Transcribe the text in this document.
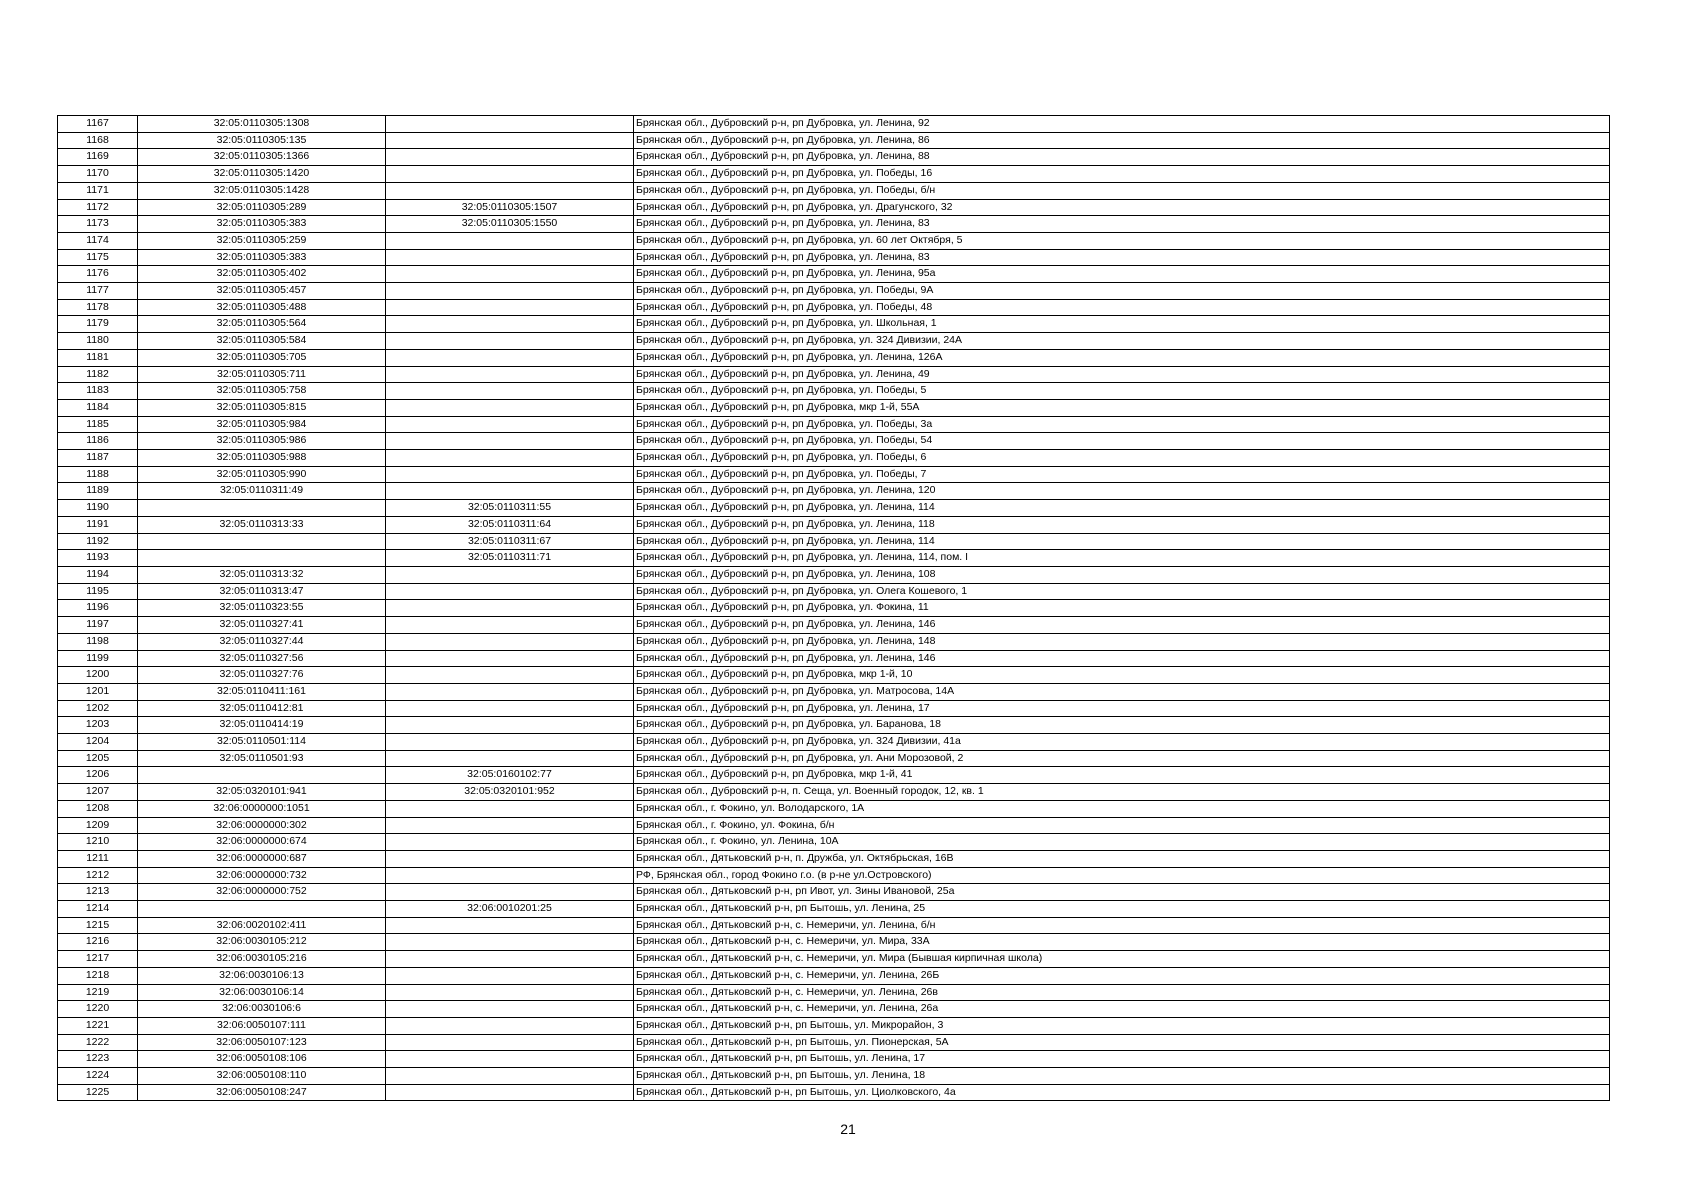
1167	32:05:0110305:1308		Брянская обл., Дубровский р-н, рп Дубровка, ул. Ленина, 92
1168	32:05:0110305:135		Брянская обл., Дубровский р-н, рп Дубровка, ул. Ленина, 86
1169	32:05:0110305:1366		Брянская обл., Дубровский р-н, рп Дубровка, ул. Ленина, 88
1170	32:05:0110305:1420		Брянская обл., Дубровский р-н, рп Дубровка, ул. Победы, 16
1171	32:05:0110305:1428		Брянская обл., Дубровский р-н, рп Дубровка, ул. Победы, б/н
1172	32:05:0110305:289	32:05:0110305:1507	Брянская обл., Дубровский р-н, рп Дубровка, ул. Драгунского, 32
1173	32:05:0110305:383	32:05:0110305:1550	Брянская обл., Дубровский р-н, рп Дубровка, ул. Ленина, 83
1174	32:05:0110305:259		Брянская обл., Дубровский р-н, рп Дубровка, ул. 60 лет Октября, 5
1175	32:05:0110305:383		Брянская обл., Дубровский р-н, рп Дубровка, ул. Ленина, 83
1176	32:05:0110305:402		Брянская обл., Дубровский р-н, рп Дубровка, ул. Ленина, 95а
1177	32:05:0110305:457		Брянская обл., Дубровский р-н, рп Дубровка, ул. Победы, 9А
1178	32:05:0110305:488		Брянская обл., Дубровский р-н, рп Дубровка, ул. Победы, 48
1179	32:05:0110305:564		Брянская обл., Дубровский р-н, рп Дубровка, ул. Школьная, 1
1180	32:05:0110305:584		Брянская обл., Дубровский р-н, рп Дубровка, ул. 324 Дивизии, 24А
1181	32:05:0110305:705		Брянская обл., Дубровский р-н, рп Дубровка, ул. Ленина, 126А
1182	32:05:0110305:711		Брянская обл., Дубровский р-н, рп Дубровка, ул. Ленина, 49
1183	32:05:0110305:758		Брянская обл., Дубровский р-н, рп Дубровка, ул. Победы, 5
1184	32:05:0110305:815		Брянская обл., Дубровский р-н, рп Дубровка, мкр 1-й, 55А
1185	32:05:0110305:984		Брянская обл., Дубровский р-н, рп Дубровка, ул. Победы, 3а
1186	32:05:0110305:986		Брянская обл., Дубровский р-н, рп Дубровка, ул. Победы, 54
1187	32:05:0110305:988		Брянская обл., Дубровский р-н, рп Дубровка, ул. Победы, 6
1188	32:05:0110305:990		Брянская обл., Дубровский р-н, рп Дубровка, ул. Победы, 7
1189	32:05:0110311:49		Брянская обл., Дубровский р-н, рп Дубровка, ул. Ленина, 120
1190		32:05:0110311:55	Брянская обл., Дубровский р-н, рп Дубровка, ул. Ленина, 114
1191	32:05:0110313:33	32:05:0110311:64	Брянская обл., Дубровский р-н, рп Дубровка, ул. Ленина, 118
1192		32:05:0110311:67	Брянская обл., Дубровский р-н, рп Дубровка, ул. Ленина, 114
1193		32:05:0110311:71	Брянская обл., Дубровский р-н, рп Дубровка, ул. Ленина, 114, пом. I
1194	32:05:0110313:32		Брянская обл., Дубровский р-н, рп Дубровка, ул. Ленина, 108
1195	32:05:0110313:47		Брянская обл., Дубровский р-н, рп Дубровка, ул. Олега Кошевого, 1
1196	32:05:0110323:55		Брянская обл., Дубровский р-н, рп Дубровка, ул. Фокина, 11
1197	32:05:0110327:41		Брянская обл., Дубровский р-н, рп Дубровка, ул. Ленина, 146
1198	32:05:0110327:44		Брянская обл., Дубровский р-н, рп Дубровка, ул. Ленина, 148
1199	32:05:0110327:56		Брянская обл., Дубровский р-н, рп Дубровка, ул. Ленина, 146
1200	32:05:0110327:76		Брянская обл., Дубровский р-н, рп Дубровка, мкр 1-й, 10
1201	32:05:0110411:161		Брянская обл., Дубровский р-н, рп Дубровка, ул. Матросова, 14А
1202	32:05:0110412:81		Брянская обл., Дубровский р-н, рп Дубровка, ул. Ленина, 17
1203	32:05:0110414:19		Брянская обл., Дубровский р-н, рп Дубровка, ул. Баранова, 18
1204	32:05:0110501:114		Брянская обл., Дубровский р-н, рп Дубровка, ул. 324 Дивизии, 41а
1205	32:05:0110501:93		Брянская обл., Дубровский р-н, рп Дубровка, ул. Ани Морозовой, 2
1206		32:05:0160102:77	Брянская обл., Дубровский р-н, рп Дубровка, мкр 1-й, 41
1207	32:05:0320101:941	32:05:0320101:952	Брянская обл., Дубровский р-н, п. Сеща, ул. Военный городок, 12, кв. 1
1208	32:06:0000000:1051		Брянская обл., г. Фокино, ул. Володарского, 1А
1209	32:06:0000000:302		Брянская обл., г. Фокино, ул. Фокина, б/н
1210	32:06:0000000:674		Брянская обл., г. Фокино, ул. Ленина, 10А
1211	32:06:0000000:687		Брянская обл., Дятьковский р-н, п. Дружба, ул. Октябрьская, 16В
1212	32:06:0000000:732		РФ, Брянская обл., город Фокино г.о. (в р-не ул.Островского)
1213	32:06:0000000:752		Брянская обл., Дятьковский р-н, рп Ивот, ул. Зины Ивановой, 25а
1214		32:06:0010201:25	Брянская обл., Дятьковский р-н, рп Бытошь, ул. Ленина, 25
1215	32:06:0020102:411		Брянская обл., Дятьковский р-н, с. Немеричи, ул. Ленина, б/н
1216	32:06:0030105:212		Брянская обл., Дятьковский р-н, с. Немеричи, ул. Мира, 33А
1217	32:06:0030105:216		Брянская обл., Дятьковский р-н, с. Немеричи, ул. Мира (Бывшая кирпичная школа)
1218	32:06:0030106:13		Брянская обл., Дятьковский р-н, с. Немеричи, ул. Ленина, 26Б
1219	32:06:0030106:14		Брянская обл., Дятьковский р-н, с. Немеричи, ул. Ленина, 26в
1220	32:06:0030106:6		Брянская обл., Дятьковский р-н, с. Немеричи, ул. Ленина, 26а
1221	32:06:0050107:111		Брянская обл., Дятьковский р-н, рп Бытошь, ул. Микрорайон, 3
1222	32:06:0050107:123		Брянская обл., Дятьковский р-н, рп Бытошь, ул. Пионерская, 5А
1223	32:06:0050108:106		Брянская обл., Дятьковский р-н, рп Бытошь, ул. Ленина, 17
1224	32:06:0050108:110		Брянская обл., Дятьковский р-н, рп Бытошь, ул. Ленина, 18
1225	32:06:0050108:247		Брянская обл., Дятьковский р-н, рп Бытошь, ул. Циолковского, 4а
21
